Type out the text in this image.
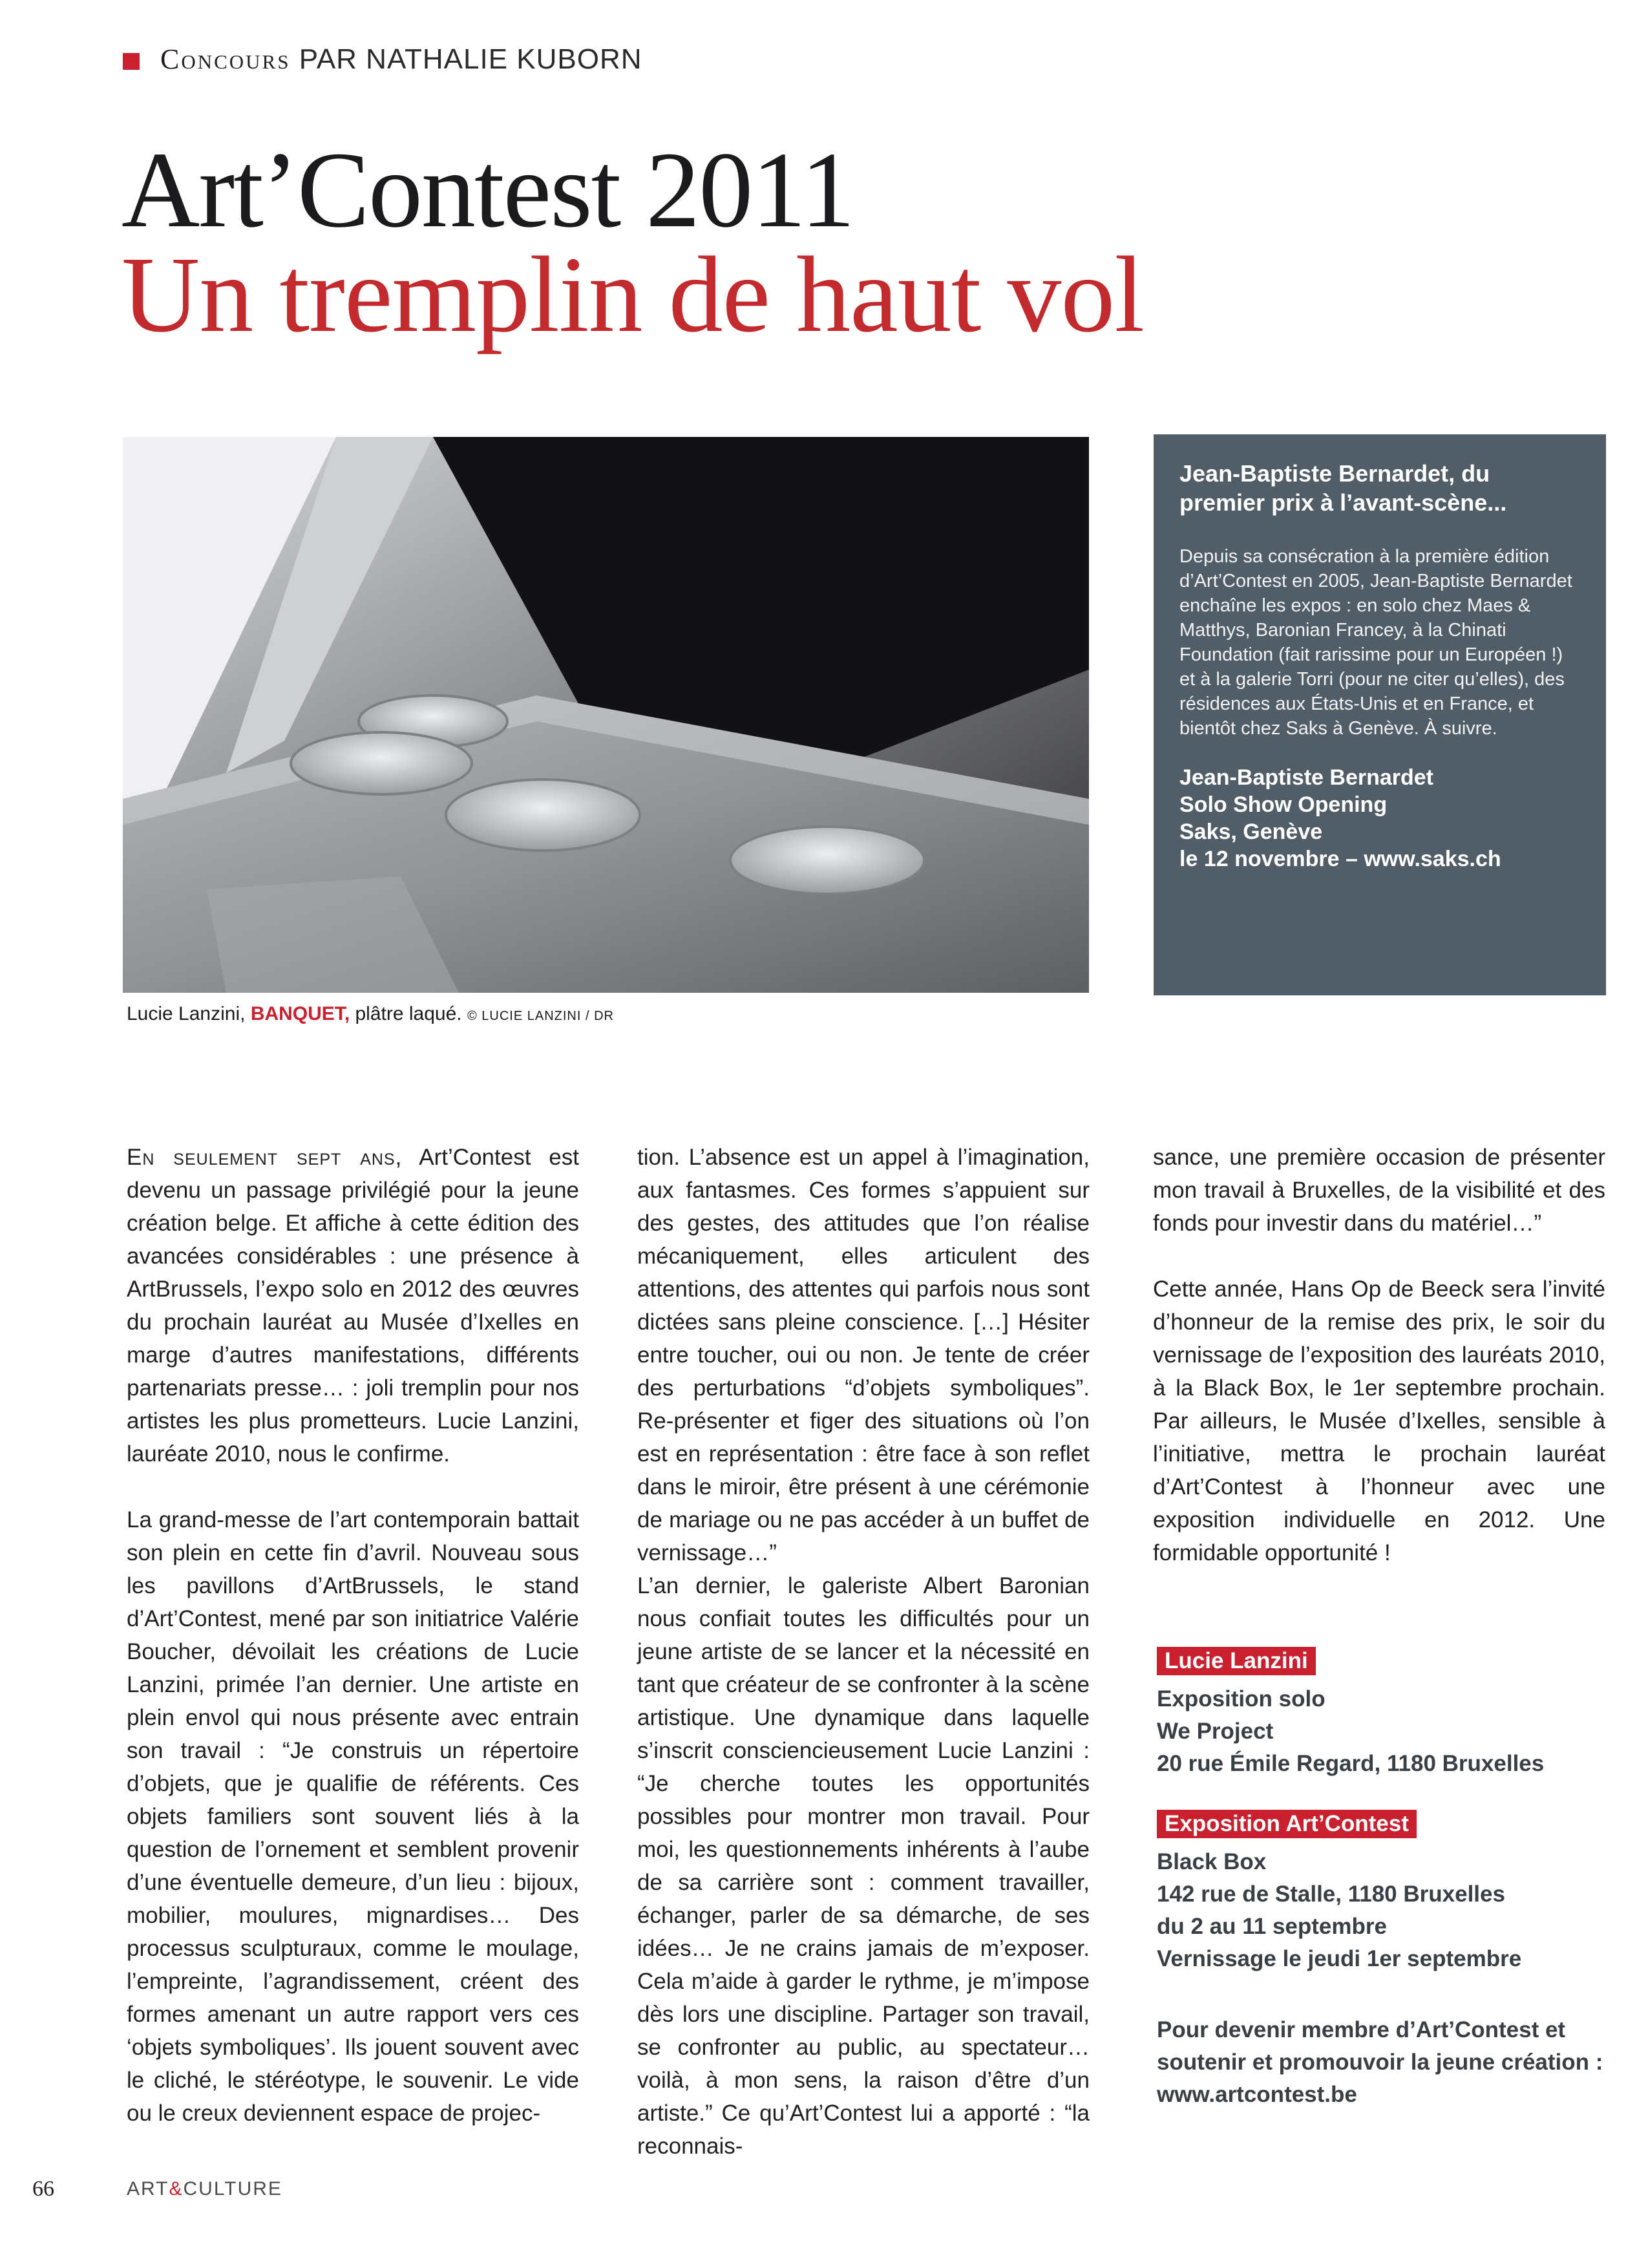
Concours PAR NATHALIE KUBORN
Art’Contest 2011
Un tremplin de haut vol
Lucie Lanzini, BANQUET, plâtre laqué. © LUCIE LANZINI / DR
Jean-Baptiste Bernardet, du premier prix à l’avant-scène...
Depuis sa consécration à la première édition d’Art’Contest en 2005, Jean-Baptiste Bernardet enchaîne les expos : en solo chez Maes & Matthys, Baronian Francey, à la Chinati Foundation (fait rarissime pour un Européen !) et à la galerie Torri (pour ne citer qu’elles), des résidences aux États-Unis et en France, et bientôt chez Saks à Genève. À suivre.
Jean-Baptiste Bernardet
Solo Show Opening
Saks, Genève
le 12 novembre – www.saks.ch

En seulement sept ans, Art’Contest est devenu un passage privilégié pour la jeune création belge. Et affiche à cette édition des avancées considérables : une présence à ArtBrussels, l’expo solo en 2012 des œuvres du prochain lauréat au Musée d’Ixelles en marge d’autres manifestations, différents partenariats presse… : joli tremplin pour nos artistes les plus prometteurs. Lucie Lanzini, lauréate 2010, nous le confirme.

La grand-messe de l’art contemporain battait son plein en cette fin d’avril. Nouveau sous les pavillons d’ArtBrussels, le stand d’Art’Contest, mené par son initiatrice Valérie Boucher, dévoilait les créations de Lucie Lanzini, primée l’an dernier. Une artiste en plein envol qui nous présente avec entrain son travail : “Je construis un répertoire d’objets, que je qualifie de référents. Ces objets familiers sont souvent liés à la question de l’ornement et semblent provenir d’une éventuelle demeure, d’un lieu : bijoux, mobilier, moulures, mignardises… Des processus sculpturaux, comme le moulage, l’empreinte, l’agrandissement, créent des formes amenant un autre rapport vers ces ‘objets symboliques’. Ils jouent souvent avec le cliché, le stéréotype, le souvenir. Le vide ou le creux deviennent espace de projec-

tion. L’absence est un appel à l’imagination, aux fantasmes. Ces formes s’appuient sur des gestes, des attitudes que l’on réalise mécaniquement, elles articulent des attentions, des attentes qui parfois nous sont dictées sans pleine conscience. […] Hésiter entre toucher, oui ou non. Je tente de créer des perturbations “d’objets symboliques”. Re-présenter et figer des situations où l’on est en représentation : être face à son reflet dans le miroir, être présent à une cérémonie de mariage ou ne pas accéder à un buffet de vernissage…”

L’an dernier, le galeriste Albert Baronian nous confiait toutes les difficultés pour un jeune artiste de se lancer et la nécessité en tant que créateur de se confronter à la scène artistique. Une dynamique dans laquelle s’inscrit consciencieusement Lucie Lanzini : “Je cherche toutes les opportunités possibles pour montrer mon travail. Pour moi, les questionnements inhérents à l’aube de sa carrière sont : comment travailler, échanger, parler de sa démarche, de ses idées… Je ne crains jamais de m’exposer. Cela m’aide à garder le rythme, je m’impose dès lors une discipline. Partager son travail, se confronter au public, au spectateur… voilà, à mon sens, la raison d’être d’un artiste.” Ce qu’Art’Contest lui a apporté : “la reconnais-

sance, une première occasion de présenter mon travail à Bruxelles, de la visibilité et des fonds pour investir dans du matériel…”

Cette année, Hans Op de Beeck sera l’invité d’honneur de la remise des prix, le soir du vernissage de l’exposition des lauréats 2010, à la Black Box, le 1er septembre prochain. Par ailleurs, le Musée d’Ixelles, sensible à l’initiative, mettra le prochain lauréat d’Art’Contest à l’honneur avec une exposition individuelle en 2012. Une formidable opportunité !

Lucie Lanzini
Exposition solo
We Project
20 rue Émile Regard, 1180 Bruxelles
Exposition Art’Contest
Black Box
142 rue de Stalle, 1180 Bruxelles
du 2 au 11 septembre
Vernissage le jeudi 1er septembre
Pour devenir membre d’Art’Contest et soutenir et promouvoir la jeune création : www.artcontest.be
66	ART&CULTURE
